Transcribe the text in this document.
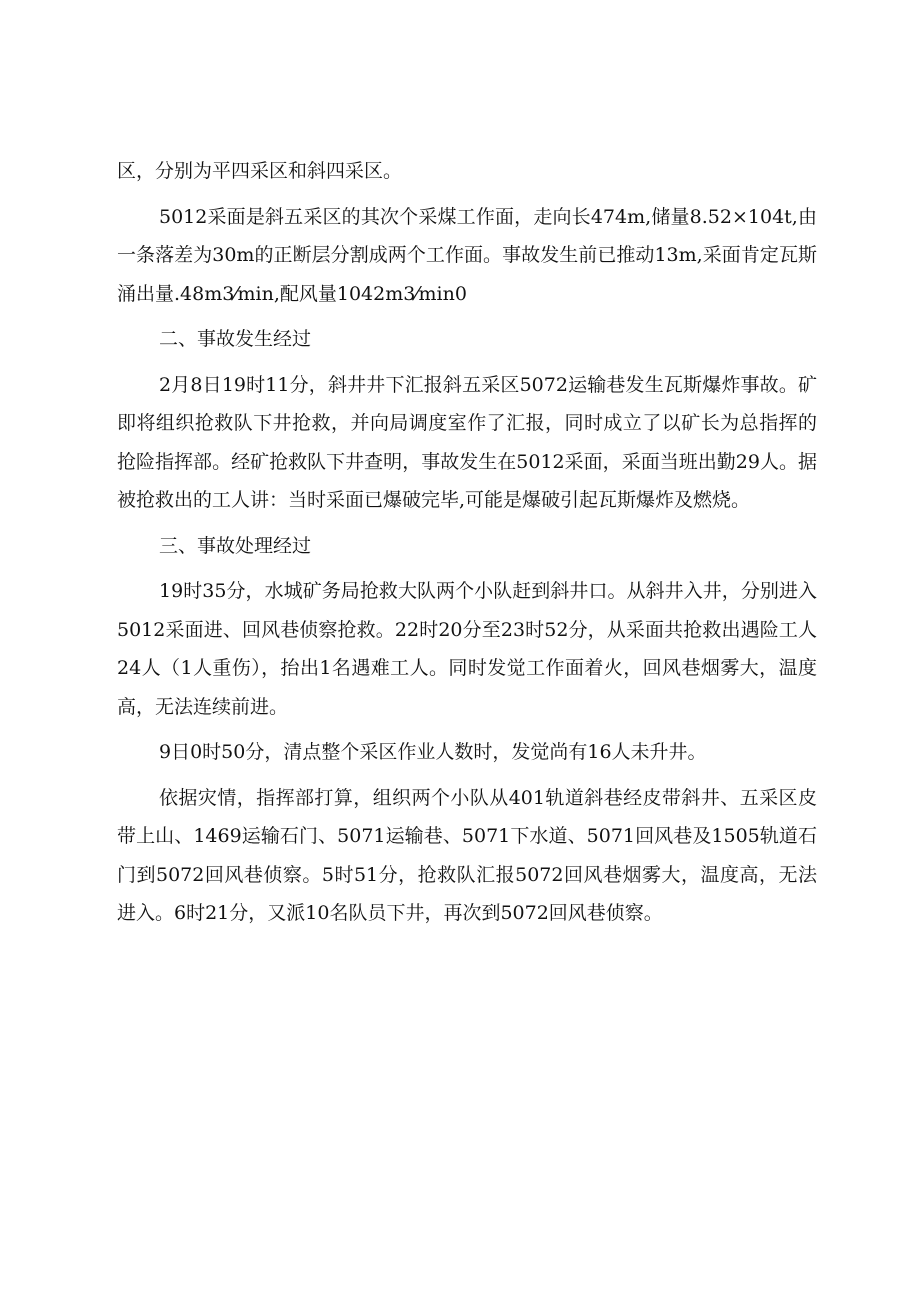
区，分别为平四采区和斜四采区。

5012采面是斜五采区的其次个采煤工作面，走向长474m,储量8.52×104t,由一条落差为30m的正断层分割成两个工作面。事故发生前已推动13m,采面肯定瓦斯涌出量.48m3⁄min,配风量1042m3⁄min0

二、事故发生经过

2月8日19时11分，斜井井下汇报斜五采区5072运输巷发生瓦斯爆炸事故。矿即将组织抢救队下井抢救，并向局调度室作了汇报，同时成立了以矿长为总指挥的抢险指挥部。经矿抢救队下井查明，事故发生在5012采面，采面当班出勤29人。据被抢救出的工人讲：当时采面已爆破完毕,可能是爆破引起瓦斯爆炸及燃烧。

三、事故处理经过

19时35分，水城矿务局抢救大队两个小队赶到斜井口。从斜井入井，分别进入5012采面进、回风巷侦察抢救。22时20分至23时52分，从采面共抢救出遇险工人24人（1人重伤），抬出1名遇难工人。同时发觉工作面着火，回风巷烟雾大，温度高，无法连续前进。

9日0时50分，清点整个采区作业人数时，发觉尚有16人未升井。

依据灾情，指挥部打算，组织两个小队从401轨道斜巷经皮带斜井、五采区皮带上山、1469运输石门、5071运输巷、5071下水道、5071回风巷及1505轨道石门到5072回风巷侦察。5时51分，抢救队汇报5072回风巷烟雾大，温度高，无法进入。6时21分，又派10名队员下井，再次到5072回风巷侦察。
